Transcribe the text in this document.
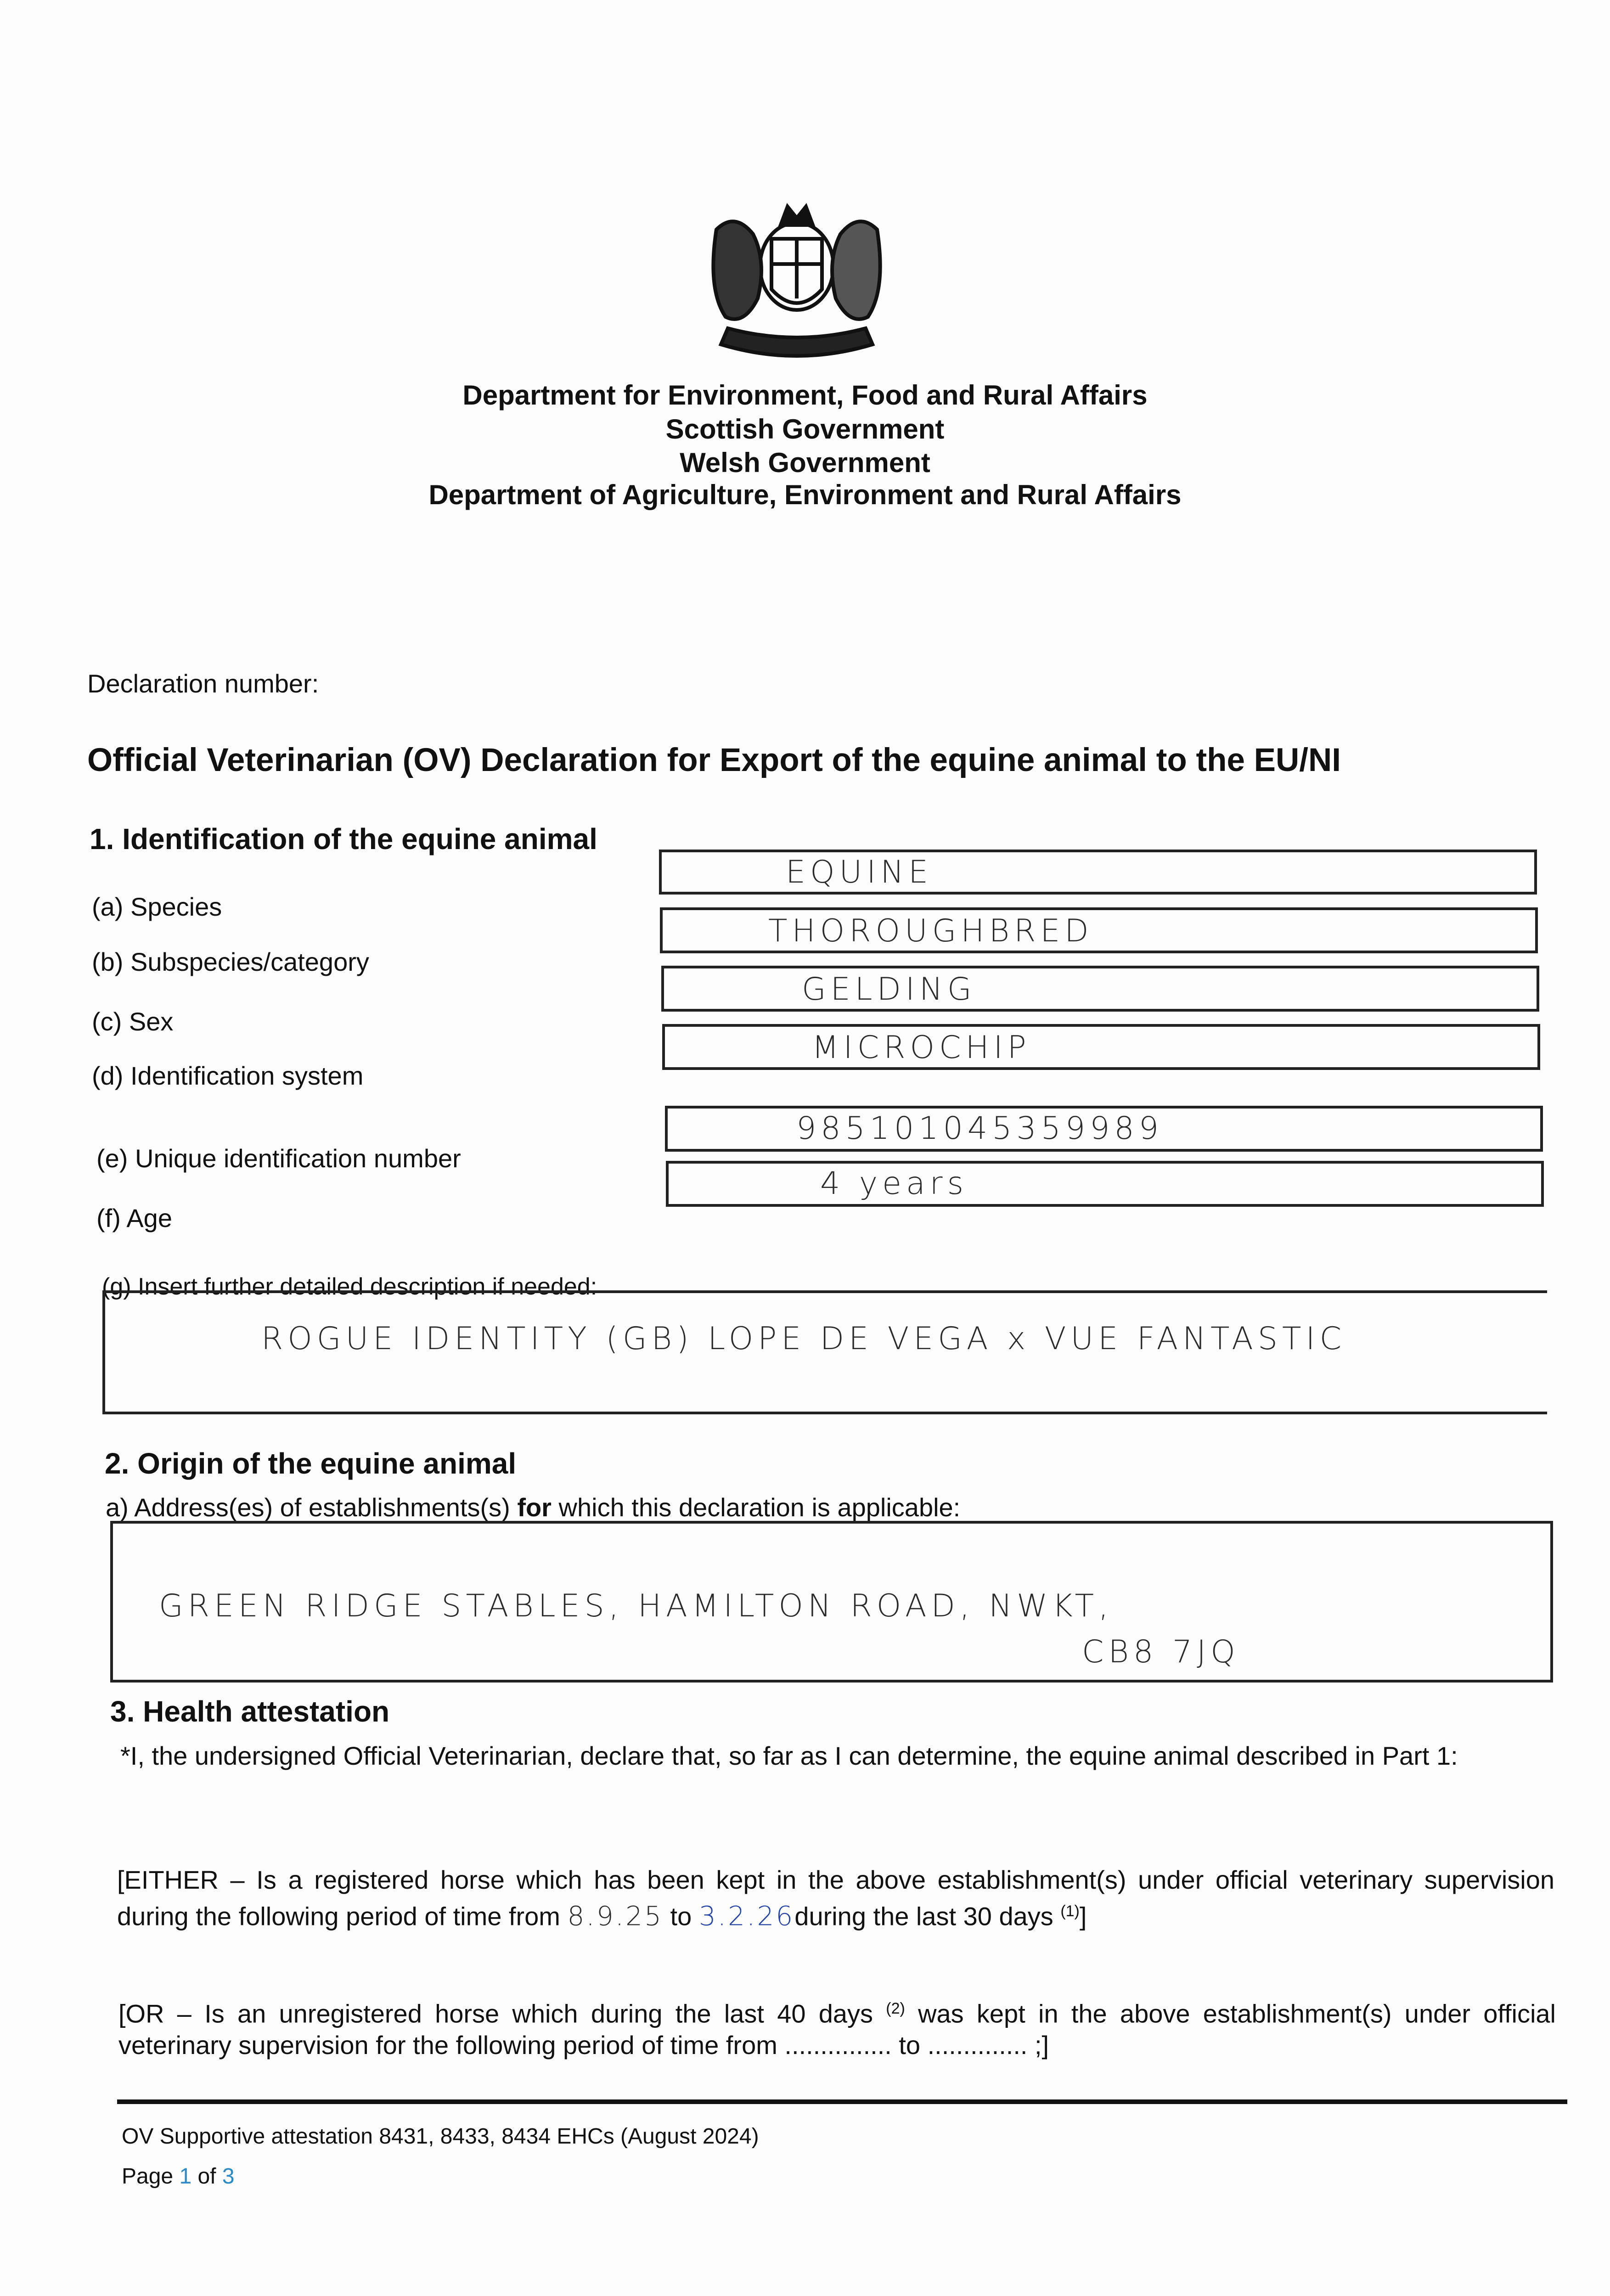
Department for Environment, Food and Rural Affairs
Scottish Government
Welsh Government
Department of Agriculture, Environment and Rural Affairs
Declaration number:
Official Veterinarian (OV) Declaration for Export of the equine animal to the EU/NI
1. Identification of the equine animal
(a) Species
EQUINE
(b) Subspecies/category
THOROUGHBRED
(c) Sex
GELDING
(d) Identification system
MICROCHIP
(e) Unique identification number
985101045359989
(f) Age
4 years
(g) Insert further detailed description if needed:
ROGUE IDENTITY (GB) LOPE DE VEGA x VUE FANTASTIC
2. Origin of the equine animal
a) Address(es) of establishments(s) for which this declaration is applicable:
GREEN RIDGE STABLES, HAMILTON ROAD, NWKT,
CB8 7JQ
3. Health attestation
*I, the undersigned Official Veterinarian, declare that, so far as I can determine, the equine animal described in Part 1:
[EITHER – Is a registered horse which has been kept in the above establishment(s) under official veterinary supervision during the following period of time from 8.9.25 to 3.2.26during the last 30 days $^{(1)}$]
[OR – Is an unregistered horse which during the last 40 days $^{(2)}$ was kept in the above establishment(s) under official veterinary supervision for the following period of time from ............... to .............. ;]
OV Supportive attestation 8431, 8433, 8434 EHCs (August 2024)
Page 1 of 3
